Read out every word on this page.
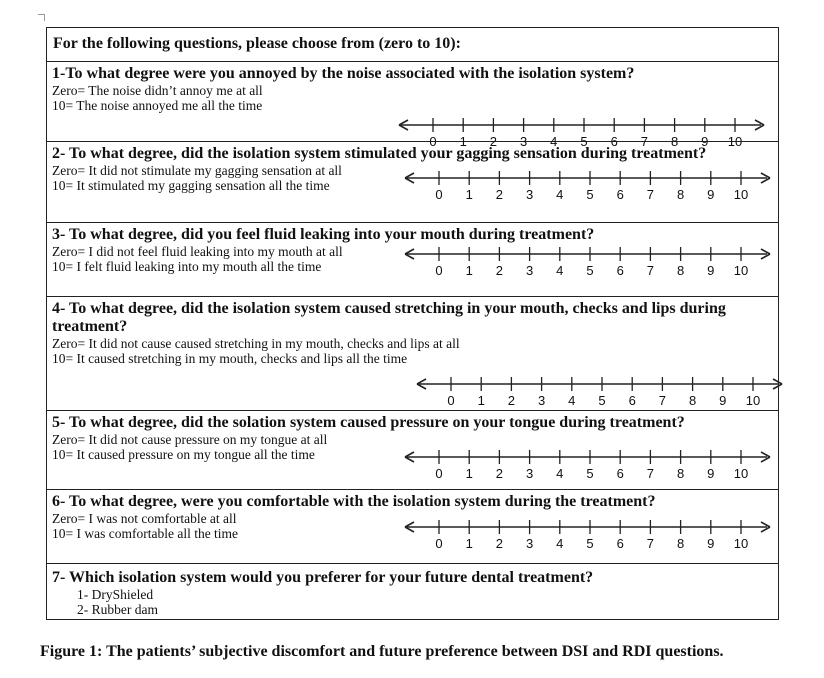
For the following questions, please choose from (zero to 10):
1-To what degree were you annoyed by the noise associated with the isolation system?
Zero= The noise didn’t annoy me at all
10= The noise annoyed me all the time
0 1 2 3 4 5 6 7 8 9 10
2- To what degree, did the isolation system stimulated your gagging sensation during treatment?
Zero= It did not stimulate my gagging sensation at all
10= It stimulated my gagging sensation all the time
0 1 2 3 4 5 6 7 8 9 10
3- To what degree, did you feel fluid leaking into your mouth during treatment?
Zero= I did not feel fluid leaking into my mouth at all
10= I felt fluid leaking into my mouth all the time	0 1 2 3 4 5 6 7 8 9 10
4- To what degree, did the isolation system caused stretching in your mouth, checks and lips during treatment?
Zero= It did not cause caused stretching in my mouth, checks and lips at all
10= It caused stretching in my mouth, checks and lips all the time
0 1 2 3 4 5 6 7 8 9 10
5- To what degree, did the solation system caused pressure on your tongue during treatment?
Zero= It did not cause pressure on my tongue at all
10= It caused pressure on my tongue all the time
0 1 2 3 4 5 6 7 8 9 10
6- To what degree, were you comfortable with the isolation system during the treatment?
Zero= I was not comfortable at all
10= I was comfortable all the time
0 1 2 3 4 5 6 7 8 9 10
7- Which isolation system would you preferer for your future dental treatment?
1- DryShieled
2- Rubber dam
Figure 1: The patients’ subjective discomfort and future preference between DSI and RDI questions.
